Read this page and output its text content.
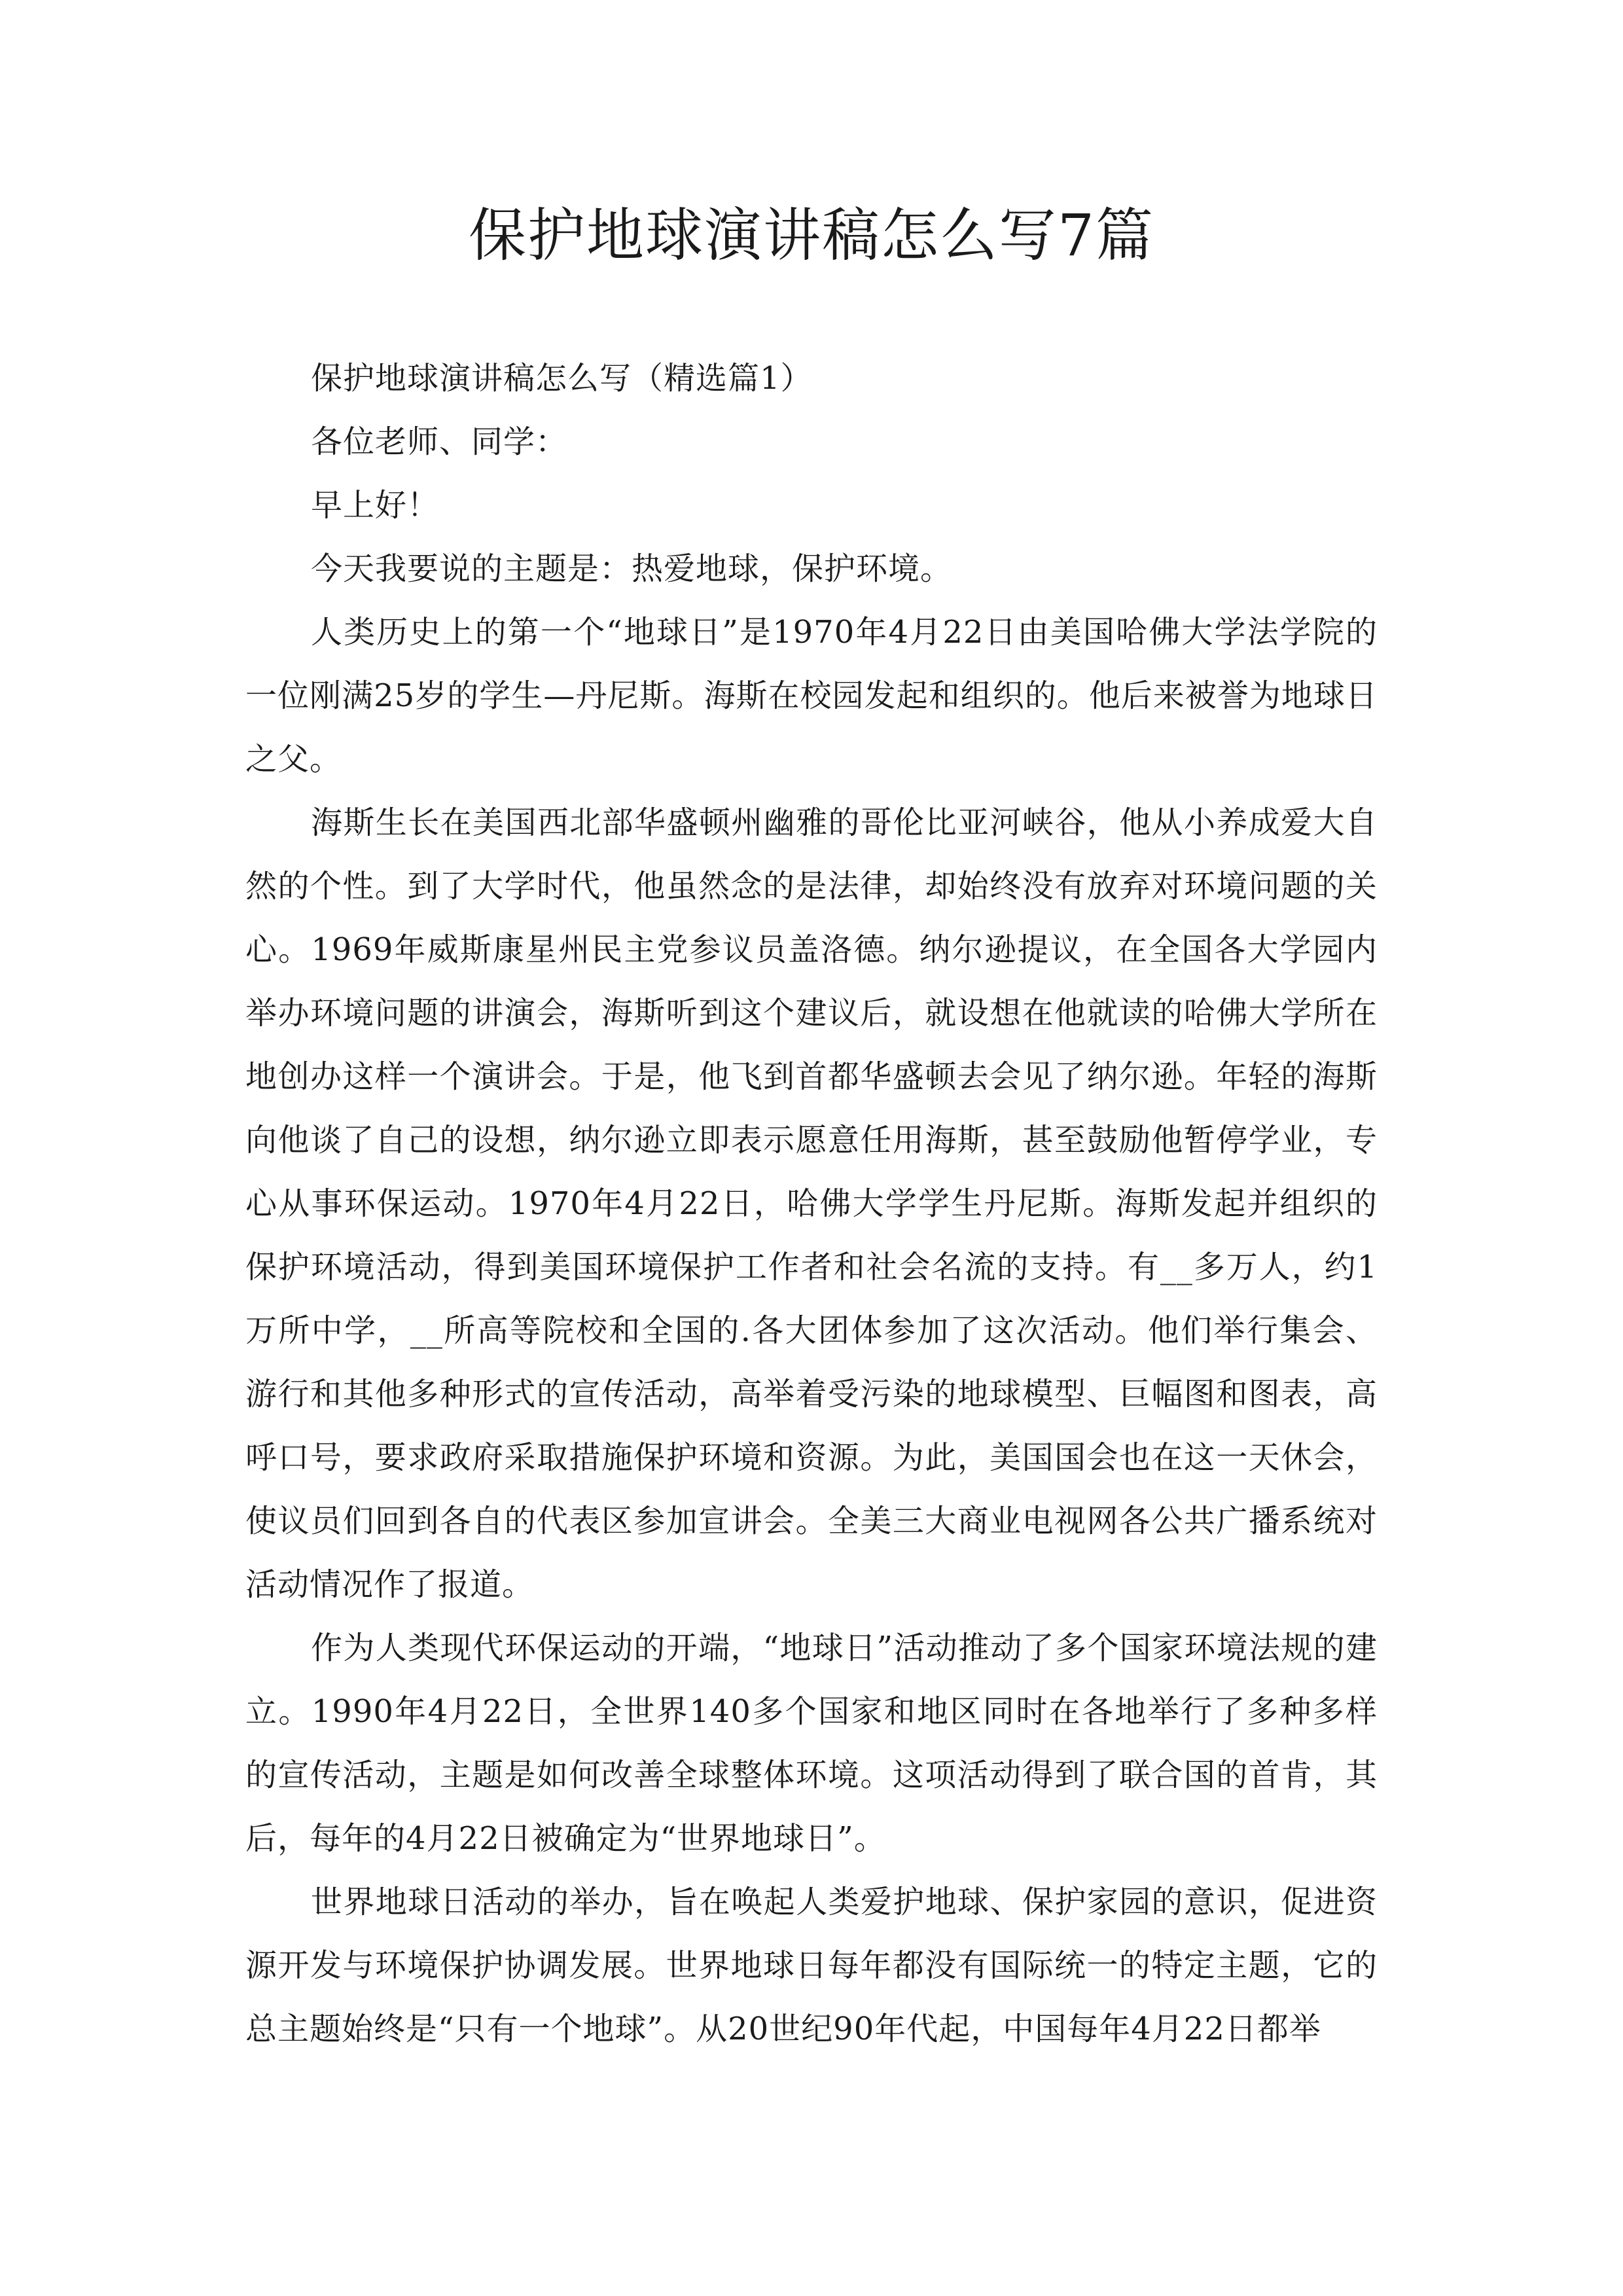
保护地球演讲稿怎么写7篇

保护地球演讲稿怎么写（精选篇1）

各位老师、同学：

早上好！

今天我要说的主题是：热爱地球，保护环境。

人类历史上的第一个“地球日”是1970年4月22日由美国哈佛大学法学院的一位刚满25岁的学生—丹尼斯。海斯在校园发起和组织的。他后来被誉为地球日之父。

海斯生长在美国西北部华盛顿州幽雅的哥伦比亚河峡谷，他从小养成爱大自然的个性。到了大学时代，他虽然念的是法律，却始终没有放弃对环境问题的关心。1969年威斯康星州民主党参议员盖洛德。纳尔逊提议，在全国各大学园内举办环境问题的讲演会，海斯听到这个建议后，就设想在他就读的哈佛大学所在地创办这样一个演讲会。于是，他飞到首都华盛顿去会见了纳尔逊。年轻的海斯向他谈了自己的设想，纳尔逊立即表示愿意任用海斯，甚至鼓励他暂停学业，专心从事环保运动。1970年4月22日，哈佛大学学生丹尼斯。海斯发起并组织的保护环境活动，得到美国环境保护工作者和社会名流的支持。有__多万人，约1万所中学，__所高等院校和全国的.各大团体参加了这次活动。他们举行集会、游行和其他多种形式的宣传活动，高举着受污染的地球模型、巨幅图和图表，高呼口号，要求政府采取措施保护环境和资源。为此，美国国会也在这一天休会，使议员们回到各自的代表区参加宣讲会。全美三大商业电视网各公共广播系统对活动情况作了报道。

作为人类现代环保运动的开端，“地球日”活动推动了多个国家环境法规的建立。1990年4月22日，全世界140多个国家和地区同时在各地举行了多种多样的宣传活动，主题是如何改善全球整体环境。这项活动得到了联合国的首肯，其后，每年的4月22日被确定为“世界地球日”。

世界地球日活动的举办，旨在唤起人类爱护地球、保护家园的意识，促进资源开发与环境保护协调发展。世界地球日每年都没有国际统一的特定主题，它的总主题始终是“只有一个地球”。从20世纪90年代起，中国每年4月22日都举
